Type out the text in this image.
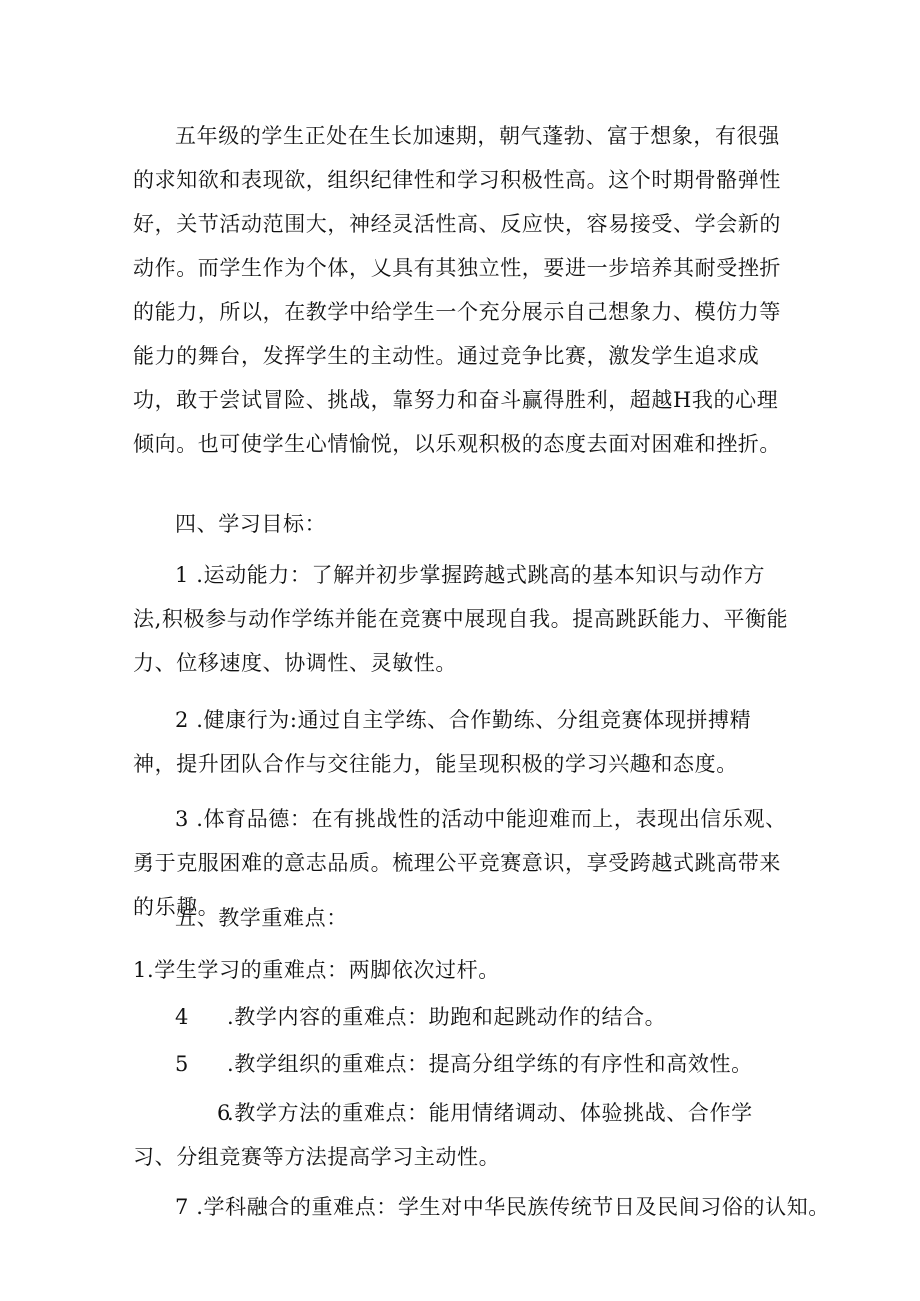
五年级的学生正处在生长加速期，朝气蓬勃、富于想象，有很强的求知欲和表现欲，组织纪律性和学习积极性高。这个时期骨骼弹性好，关节活动范围大，神经灵活性高、反应快，容易接受、学会新的动作。而学生作为个体，乂具有其独立性，要进一步培养其耐受挫折的能力，所以，在教学中给学生一个充分展示自己想象力、模仿力等能力的舞台，发挥学生的主动性。通过竞争比赛，激发学生追求成功，敢于尝试冒险、挑战，靠努力和奋斗赢得胜利，超越H我的心理倾向。也可使学生心情愉悦，以乐观积极的态度去面对困难和挫折。

四、学习目标：

1 .运动能力：了解并初步掌握跨越式跳高的基本知识与动作方法,积极参与动作学练并能在竞赛中展现自我。提高跳跃能力、平衡能力、位移速度、协调性、灵敏性。

2 .健康行为:通过自主学练、合作勤练、分组竞赛体现拼搏精神，提升团队合作与交往能力，能呈现积极的学习兴趣和态度。

3 .体育品德：在有挑战性的活动中能迎难而上，表现出信乐观、勇于克服困难的意志品质。梳理公平竞赛意识，享受跨越式跳高带来的乐趣。

五、教学重难点：
1.学生学习的重难点：两脚依次过杆。
4 .教学内容的重难点：助跑和起跳动作的结合。
5 .教学组织的重难点：提高分组学练的有序性和高效性。

6.教学方法的重难点：能用情绪调动、体验挑战、合作学习、分组竞赛等方法提高学习主动性。

7 .学科融合的重难点：学生对中华民族传统节日及民间习俗的认知。
